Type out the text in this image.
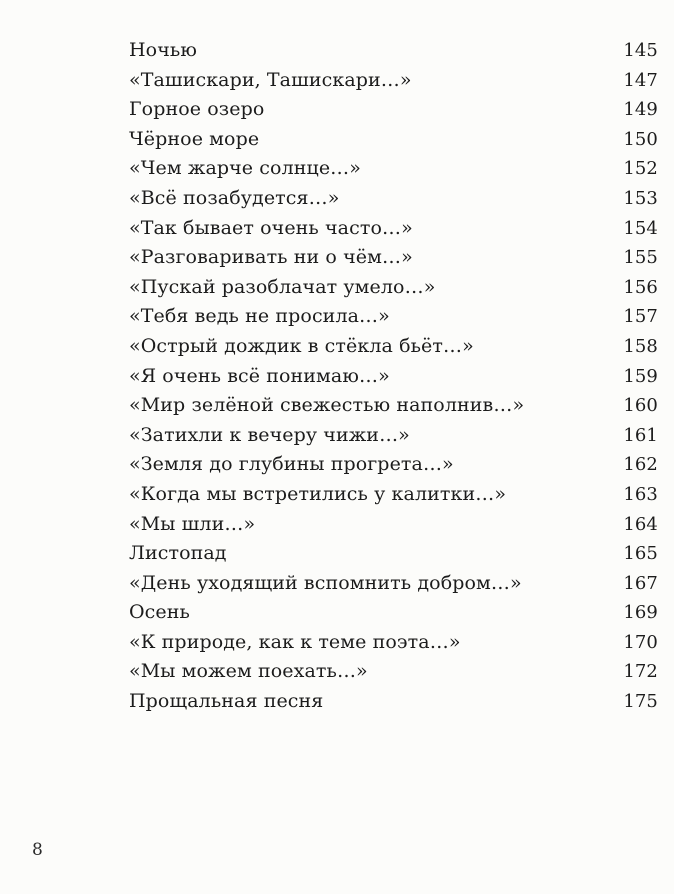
Ночью	145
«Ташискари, Ташискари…»	147
Горное озеро	149
Чёрное море	150
«Чем жарче солнце…»	152
«Всё позабудется…»	153
«Так бывает очень часто…»	154
«Разговаривать ни о чём…»	155
«Пускай разоблачат умело…»	156
«Тебя ведь не просила…»	157
«Острый дождик в стёкла бьёт…»	158
«Я очень всё понимаю…»	159
«Мир зелёной свежестью наполнив…»	160
«Затихли к вечеру чижи…»	161
«Земля до глубины прогрета…»	162
«Когда мы встретились у калитки…»	163
«Мы шли…»	164
Листопад	165
«День уходящий вспомнить добром…»	167
Осень	169
«К природе, как к теме поэта…»	170
«Мы можем поехать…»	172
Прощальная песня	175
8
